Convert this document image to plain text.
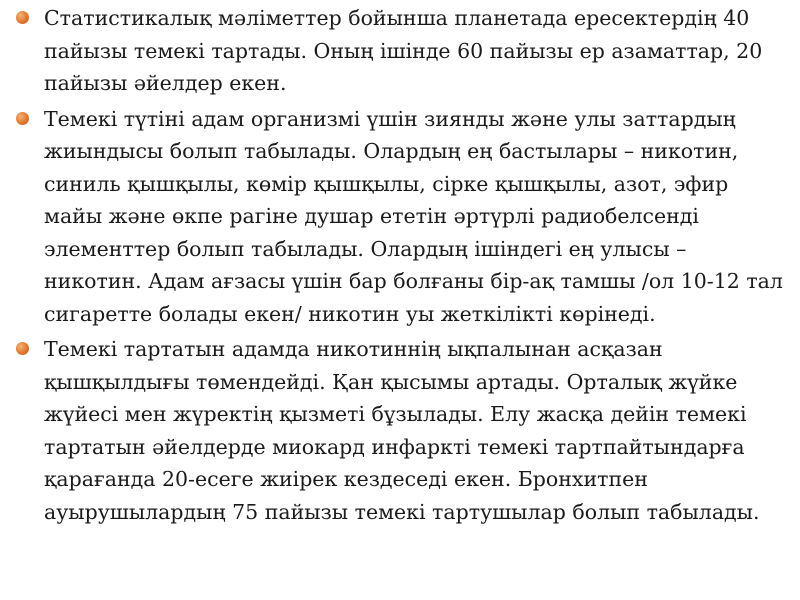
Статистикалық мәліметтер бойынша планетада ересектердің 40 пайызы темекі тартады. Оның ішінде 60 пайызы ер азаматтар, 20 пайызы әйелдер екен.
Темекі түтіні адам организмі үшін зиянды және улы заттардың жиындысы болып табылады. Олардың ең бастылары – никотин, синиль қышқылы, көмір қышқылы, сірке қышқылы, азот, эфир майы және өкпе рагіне душар ететін әртүрлі радиобелсенді элементтер болып табылады. Олардың ішіндегі ең улысы – никотин. Адам ағзасы үшін бар болғаны бір-ақ тамшы /ол 10-12 тал сигаретте болады екен/ никотин уы жеткілікті көрінеді.
Темекі тартатын адамда никотиннің ықпалынан асқазан қышқылдығы төмендейді. Қан қысымы артады. Орталық жүйке жүйесі мен жүректің қызметі бұзылады. Елу жасқа дейін темекі тартатын әйелдерде миокард инфаркті темекі тартпайтындарға қарағанда 20-есеге жиірек кездеседі екен. Бронхитпен ауырушылардың 75 пайызы темекі тартушылар болып табылады.
